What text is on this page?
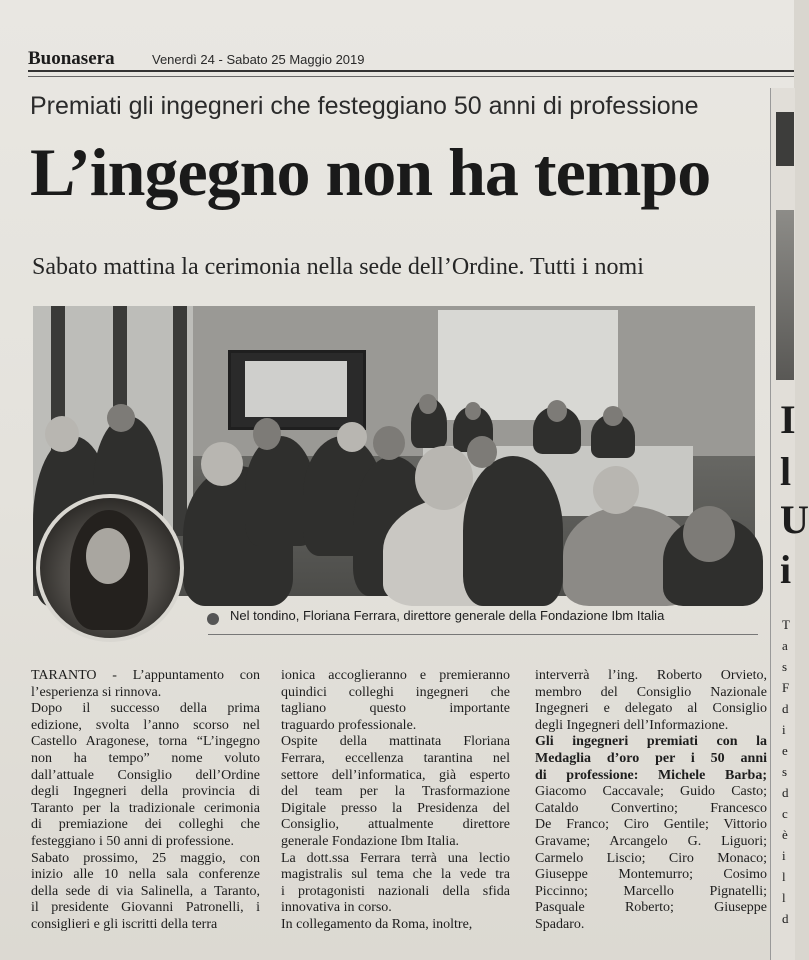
Buonasera	Venerdì 24 - Sabato 25 Maggio 2019
Premiati gli ingegneri che festeggiano 50 anni di professione
L’ingegno non ha tempo
Sabato mattina la cerimonia nella sede dell’Ordine. Tutti i nomi
Nel tondino, Floriana Ferrara, direttore generale della Fondazione Ibm Italia
TARANTO - L’appuntamento con
l’esperienza si rinnova.
Dopo il successo della prima
edizione, svolta l’anno scorso nel
Castello Aragonese, torna “L’ingegno
non ha tempo” nome voluto
dall’attuale Consiglio dell’Ordine
degli Ingegneri della provincia di
Taranto per la tradizionale cerimonia
di premiazione dei colleghi che
festeggiano i 50 anni di professione.
Sabato prossimo, 25 maggio, con
inizio alle 10 nella sala conferenze
della sede di via Salinella, a Taranto,
il presidente Giovanni Patronelli, i
consiglieri e gli iscritti della terra
ionica accoglieranno e premieranno
quindici colleghi ingegneri che
tagliano questo importante
traguardo professionale.
Ospite della mattinata Floriana
Ferrara, eccellenza tarantina nel
settore dell’informatica, già esperto
del team per la Trasformazione
Digitale presso la Presidenza del
Consiglio, attualmente direttore
generale Fondazione Ibm Italia.
La dott.ssa Ferrara terrà una lectio
magistralis sul tema che la vede tra
i protagonisti nazionali della sfida
innovativa in corso.
In collegamento da Roma, inoltre,
interverrà l’ing. Roberto Orvieto,
membro del Consiglio Nazionale
Ingegneri e delegato al Consiglio
degli Ingegneri dell’Informazione.
Gli ingegneri premiati con la
Medaglia d’oro per i 50 anni
di professione: Michele Barba;
Giacomo Caccavale; Guido Casto;
Cataldo Convertino; Francesco
De Franco; Ciro Gentile; Vittorio
Gravame; Arcangelo G. Liguori;
Carmelo Liscio; Ciro Monaco;
Giuseppe Montemurro; Cosimo
Piccinno; Marcello Pignatelli;
Pasquale Roberto; Giuseppe
Spadaro.
I
l
U
i
T
a
s
F
d
i
e
s
d
c
è
i
l
l
d
